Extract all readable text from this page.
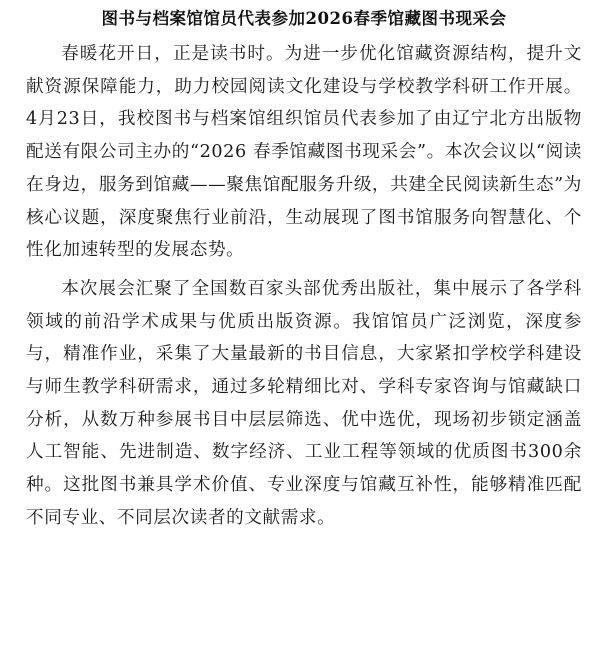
图书与档案馆馆员代表参加2026春季馆藏图书现采会

春暖花开日，正是读书时。为进一步优化馆藏资源结构，提升文献资源保障能力，助力校园阅读文化建设与学校教学科研工作开展。4月23日，我校图书与档案馆组织馆员代表参加了由辽宁北方出版物配送有限公司主办的“2026 春季馆藏图书现采会”。本次会议以“阅读在身边，服务到馆藏——聚焦馆配服务升级，共建全民阅读新生态”为核心议题，深度聚焦行业前沿，生动展现了图书馆服务向智慧化、个性化加速转型的发展态势。

本次展会汇聚了全国数百家头部优秀出版社，集中展示了各学科领域的前沿学术成果与优质出版资源。我馆馆员广泛浏览，深度参与，精准作业，采集了大量最新的书目信息，大家紧扣学校学科建设与师生教学科研需求，通过多轮精细比对、学科专家咨询与馆藏缺口分析，从数万种参展书目中层层筛选、优中选优，现场初步锁定涵盖人工智能、先进制造、数字经济、工业工程等领域的优质图书300余种。这批图书兼具学术价值、专业深度与馆藏互补性，能够精准匹配不同专业、不同层次读者的文献需求。
